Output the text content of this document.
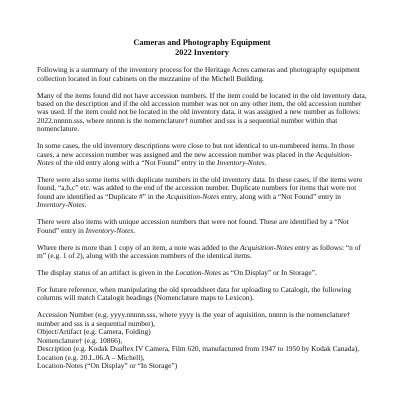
Cameras and Photography Equipment

2022 Inventory

Following is a summary of the inventory process for the Heritage Acres cameras and photography equipment collection located in four cabinets on the mezzanine of the Michell Building.

Many of the items found did not have accession numbers. If the item could be located in the old inventory data, based on the description and if the old accession number was not on any other item, the old accession number was used. If the item could not be located in the old inventory data, it was assigned a new number as follows: 2022.nnnnn.sss, where nnnnn is the nomenclature† number and sss is a sequential number within that nomenclature.

In some cases, the old inventory descriptions were close to but not identical to un-numbered items. In those cases, a new accession number was assigned and the new accession number was placed in the Acquisition-Notes of the old entry along with a “Not Found” entry in the Inventory-Notes.

There were also some items with duplicate numbers in the old inventory data. In these cases, if the items were found, “a,b,c” etc. was added to the end of the accession number. Duplicate numbers for items that were not found are identified as “Duplicate #” in the Acquisition-Notes entry, along with a “Not Found” entry in Inventory-Notes.

There were also items with unique accession numbers that were not found. These are identified by a “Not Found” entry in Inventory-Notes.

Where there is more than 1 copy of an item, a note was added to the Acquisition-Notes entry as follows: “n of m” (e.g. 1 of 2), along with the accession numbers of the identical items.

The display status of an artifact is given in the Location-Notes as “On Display” or In Storage”.

For future reference, when manipulating the old spreadsheet data for uploading to Catalogit, the following columns will match Catalogit headings (Nomenclature maps to Lexicon).

Accession Number (e.g. yyyy.nnnnn.sss, where yyyy is the year of aquisition, nnnnn is the nomenclature† number and sss is a sequential number),
Object/Artifact (e.g. Camera, Folding)
Nomenclature† (e.g. 10866),
Description (e.g. Kodak Duaflex IV Camera, Film 620, manufactured from 1947 to 1950 by Kodak Canada),
Location (e.g. 20.L.06.A – Michell),
Location-Notes (“On Display” or “In Storage”)
